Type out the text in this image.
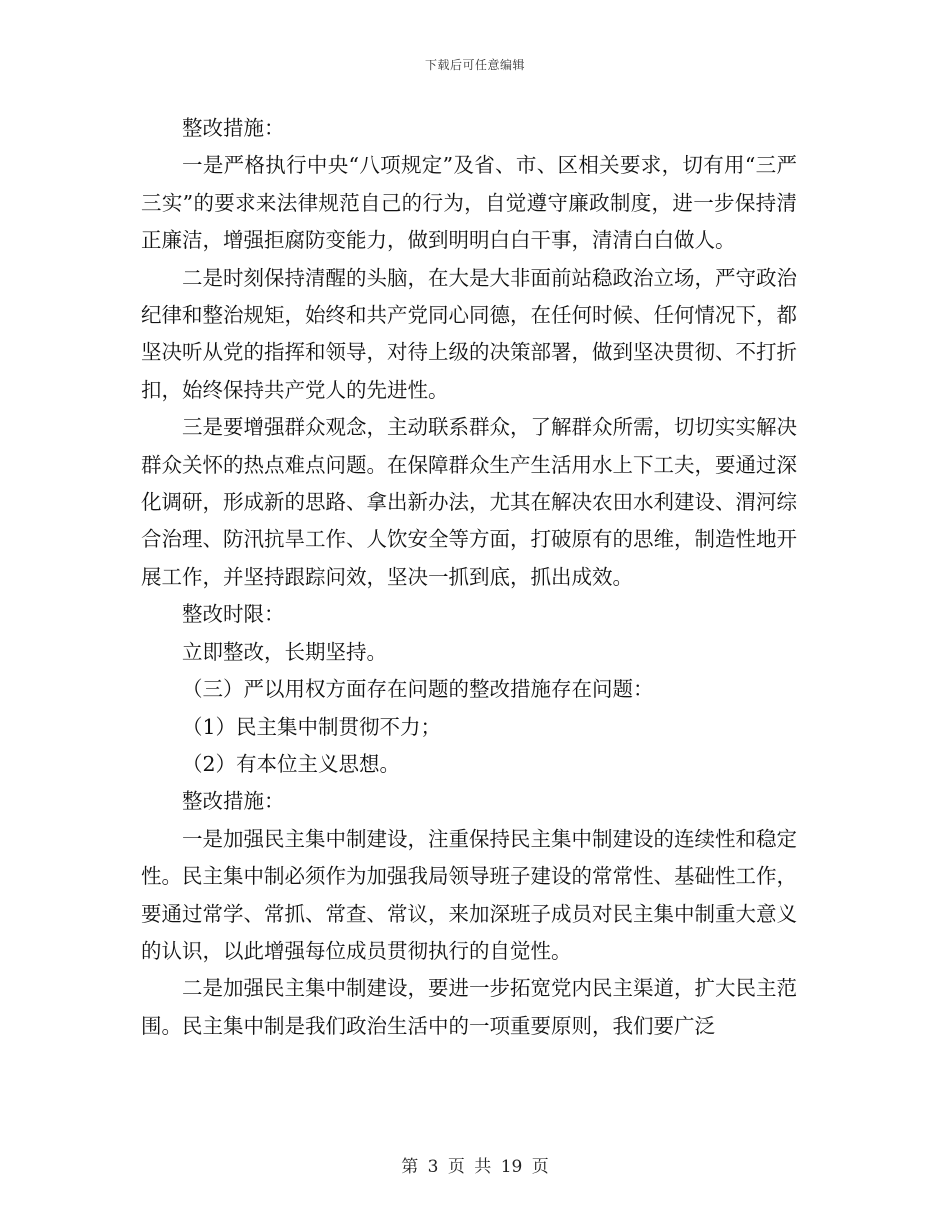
下载后可任意编辑

整改措施：

一是严格执行中央“八项规定”及省、市、区相关要求，切有用“三严三实”的要求来法律规范自己的行为，自觉遵守廉政制度，进一步保持清正廉洁，增强拒腐防变能力，做到明明白白干事，清清白白做人。

二是时刻保持清醒的头脑，在大是大非面前站稳政治立场，严守政治纪律和整治规矩，始终和共产党同心同德，在任何时候、任何情况下，都坚决听从党的指挥和领导，对待上级的决策部署，做到坚决贯彻、不打折扣，始终保持共产党人的先进性。

三是要增强群众观念，主动联系群众，了解群众所需，切切实实解决群众关怀的热点难点问题。在保障群众生产生活用水上下工夫，要通过深化调研，形成新的思路、拿出新办法，尤其在解决农田水利建设、渭河综合治理、防汛抗旱工作、人饮安全等方面，打破原有的思维，制造性地开展工作，并坚持跟踪问效，坚决一抓到底，抓出成效。

整改时限：

立即整改，长期坚持。

（三）严以用权方面存在问题的整改措施存在问题：

（1）民主集中制贯彻不力；

（2）有本位主义思想。

整改措施：

一是加强民主集中制建设，注重保持民主集中制建设的连续性和稳定性。民主集中制必须作为加强我局领导班子建设的常常性、基础性工作，要通过常学、常抓、常查、常议，来加深班子成员对民主集中制重大意义的认识，以此增强每位成员贯彻执行的自觉性。

二是加强民主集中制建设，要进一步拓宽党内民主渠道，扩大民主范围。民主集中制是我们政治生活中的一项重要原则，我们要广泛

第 3 页 共 19 页
